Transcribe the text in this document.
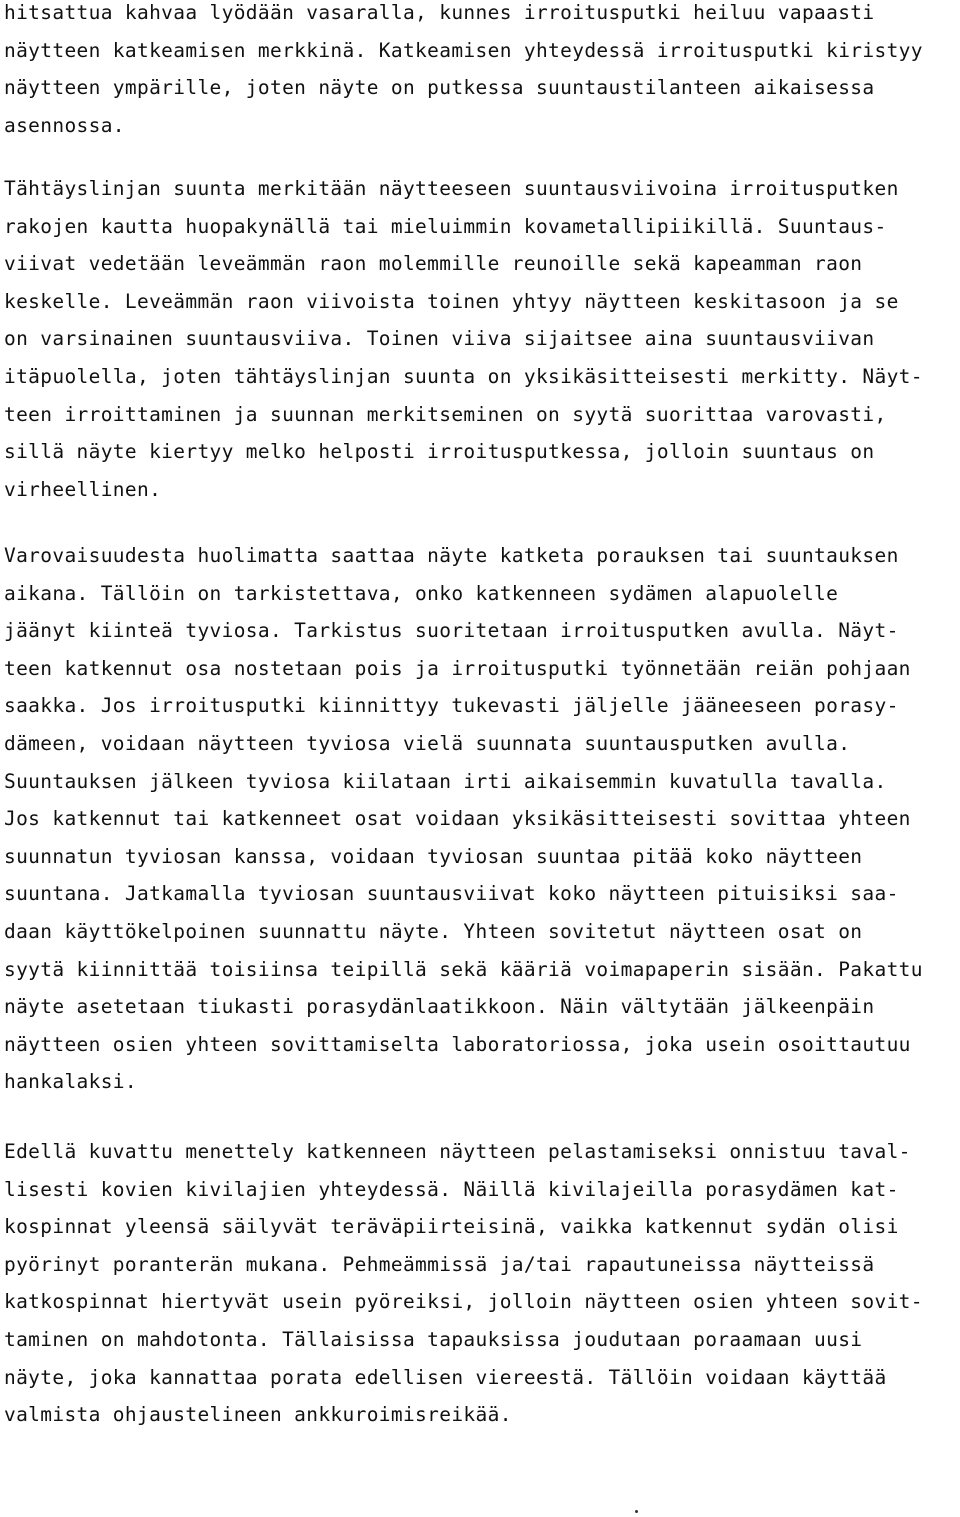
hitsattua kahvaa lyödään vasaralla, kunnes irroitusputki heiluu vapaasti
näytteen katkeamisen merkkinä. Katkeamisen yhteydessä irroitusputki kiristyy
näytteen ympärille, joten näyte on putkessa suuntaustilanteen aikaisessa
asennossa.
Tähtäyslinjan suunta merkitään näytteeseen suuntausviivoina irroitusputken
rakojen kautta huopakynällä tai mieluimmin kovametallipiikillä. Suuntaus-
viivat vedetään leveämmän raon molemmille reunoille sekä kapeamman raon
keskelle. Leveämmän raon viivoista toinen yhtyy näytteen keskitasoon ja se
on varsinainen suuntausviiva. Toinen viiva sijaitsee aina suuntausviivan
itäpuolella, joten tähtäyslinjan suunta on yksikäsitteisesti merkitty. Näyt-
teen irroittaminen ja suunnan merkitseminen on syytä suorittaa varovasti,
sillä näyte kiertyy melko helposti irroitusputkessa, jolloin suuntaus on
virheellinen.
Varovaisuudesta huolimatta saattaa näyte katketa porauksen tai suuntauksen
aikana. Tällöin on tarkistettava, onko katkenneen sydämen alapuolelle
jäänyt kiinteä tyviosa. Tarkistus suoritetaan irroitusputken avulla. Näyt-
teen katkennut osa nostetaan pois ja irroitusputki työnnetään reiän pohjaan
saakka. Jos irroitusputki kiinnittyy tukevasti jäljelle jääneeseen porasy-
dämeen, voidaan näytteen tyviosa vielä suunnata suuntausputken avulla.
Suuntauksen jälkeen tyviosa kiilataan irti aikaisemmin kuvatulla tavalla.
Jos katkennut tai katkenneet osat voidaan yksikäsitteisesti sovittaa yhteen
suunnatun tyviosan kanssa, voidaan tyviosan suuntaa pitää koko näytteen
suuntana. Jatkamalla tyviosan suuntausviivat koko näytteen pituisiksi saa-
daan käyttökelpoinen suunnattu näyte. Yhteen sovitetut näytteen osat on
syytä kiinnittää toisiinsa teipillä sekä kääriä voimapaperin sisään. Pakattu
näyte asetetaan tiukasti porasydänlaatikkoon. Näin vältytään jälkeenpäin
näytteen osien yhteen sovittamiselta laboratoriossa, joka usein osoittautuu
hankalaksi.
Edellä kuvattu menettely katkenneen näytteen pelastamiseksi onnistuu taval-
lisesti kovien kivilajien yhteydessä. Näillä kivilajeilla porasydämen kat-
kospinnat yleensä säilyvät teräväpiirteisinä, vaikka katkennut sydän olisi
pyörinyt poranterän mukana. Pehmeämmissä ja/tai rapautuneissa näytteissä
katkospinnat hiertyvät usein pyöreiksi, jolloin näytteen osien yhteen sovit-
taminen on mahdotonta. Tällaisissa tapauksissa joudutaan poraamaan uusi
näyte, joka kannattaa porata edellisen viereestä. Tällöin voidaan käyttää
valmista ohjaustelineen ankkuroimisreikää.
